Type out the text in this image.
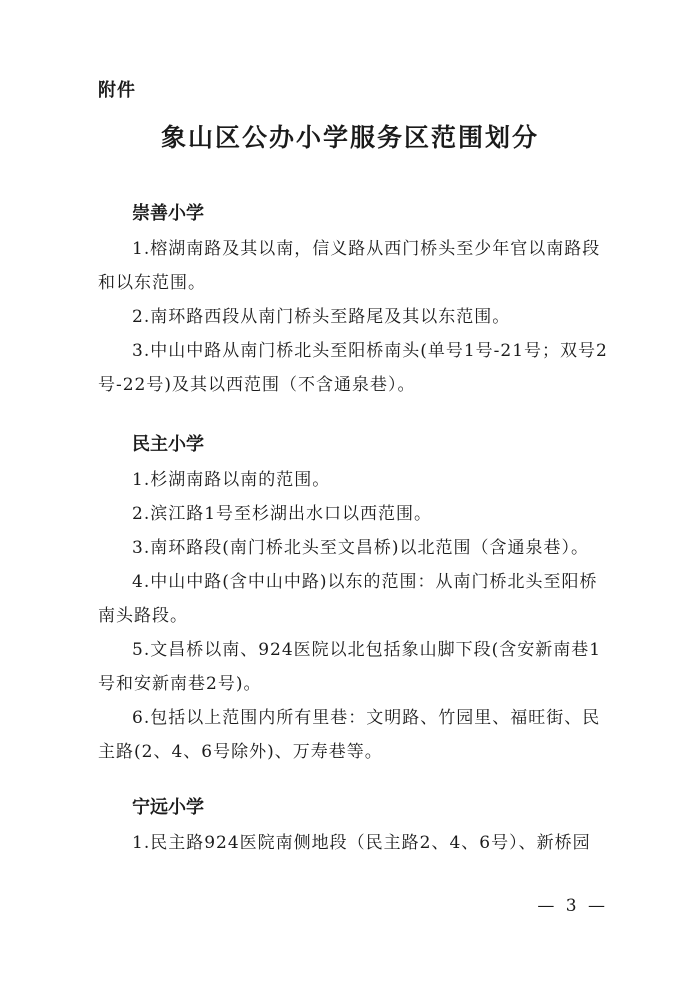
附件
象山区公办小学服务区范围划分
崇善小学

1.榕湖南路及其以南，信义路从西门桥头至少年官以南路段和以东范围。

2.南环路西段从南门桥头至路尾及其以东范围。

3.中山中路从南门桥北头至阳桥南头(单号1号-21号；双号2号-22号)及其以西范围（不含通泉巷）。

民主小学

1.杉湖南路以南的范围。

2.滨江路1号至杉湖出水口以西范围。

3.南环路段(南门桥北头至文昌桥)以北范围（含通泉巷）。

4.中山中路(含中山中路)以东的范围：从南门桥北头至阳桥南头路段。

5.文昌桥以南、924医院以北包括象山脚下段(含安新南巷1号和安新南巷2号)。

6.包括以上范围内所有里巷：文明路、竹园里、福旺街、民主路(2、4、6号除外)、万寿巷等。

宁远小学

1.民主路924医院南侧地段（民主路2、4、6号）、新桥园

— 3 —
